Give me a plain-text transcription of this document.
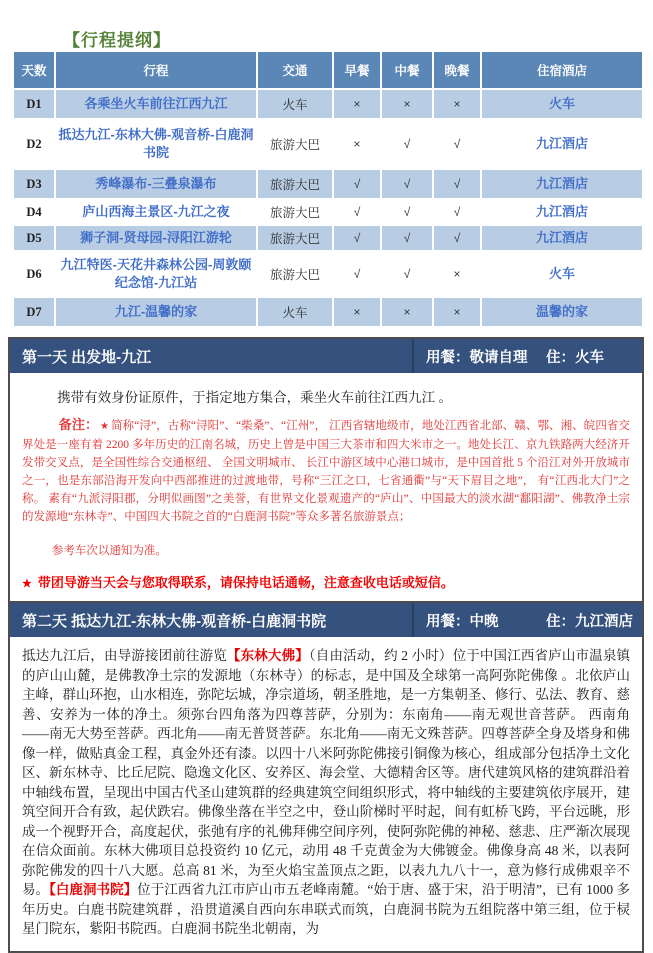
【行程提纲】
天数	行程	交通	早餐	中餐	晚餐	住宿酒店
D1	各乘坐火车前往江西九江	火车	×	×	×	火车
D2	抵达九江-东林大佛-观音桥-白鹿洞书院	旅游大巴	×	√	√	九江酒店
D3	秀峰瀑布-三叠泉瀑布	旅游大巴	√	√	√	九江酒店
D4	庐山西海主景区-九江之夜	旅游大巴	√	√	√	九江酒店
D5	狮子洞-贤母园-浔阳江游轮	旅游大巴	√	√	√	九江酒店
D6	九江特医-天花井森林公园-周敦颐纪念馆-九江站	旅游大巴	√	√	×	火车
D7	九江-温馨的家	火车	×	×	×	温馨的家
第一天 出发地-九江	用餐：敬请自理 住：火车

携带有效身份证原件，于指定地方集合，乘坐火车前往江西九江 。

备注： ★ 简称“浔”，古称“浔阳”、“柴桑”、“江州”， 江西省辖地级市，地处江西省北部、赣、鄂、湘、皖四省交界处是一座有着 2200 多年历史的江南名城，历史上曾是中国三大茶市和四大米市之一。地处长江、京九铁路两大经济开发带交叉点，是全国性综合交通枢纽、 全国文明城市、 长江中游区域中心港口城市，是中国首批 5 个沿江对外开放城市之一，也是东部沿海开发向中西部推进的过渡地带，号称“三江之口，七省通衢”与“天下眉目之地”， 有“江西北大门”之称。 素有“九派浔阳郡，分明似画图”之美誉，有世界文化景观遗产的“庐山”、中国最大的淡水湖“鄱阳湖”、佛教净土宗的发源地“东林寺”、中国四大书院之首的“白鹿洞书院”等众多著名旅游景点；

参考车次以通知为准。

★ 带团导游当天会与您取得联系，请保持电话通畅，注意查收电话或短信。

第二天 抵达九江-东林大佛-观音桥-白鹿洞书院	用餐：中晚	住：九江酒店

抵达九江后，由导游接团前往游览【东林大佛】（自由活动，约 2 小时）位于中国江西省庐山市温泉镇的庐山山麓，是佛教净土宗的发源地（东林寺）的标志，是中国及全球第一高阿弥陀佛像 。北依庐山主峰，群山环抱，山水相连，弥陀坛城，净宗道场，朝圣胜地，是一方集朝圣、修行、弘法、教育、慈善、安养为一体的净土。须弥台四角落为四尊菩萨，分别为：东南角——南无观世音菩萨。 西南角——南无大势至菩萨。西北角——南无普贤菩萨。东北角——南无文殊菩萨。四尊菩萨全身及塔身和佛像一样，做贴真金工程，真金外还有漆。以四十八米阿弥陀佛接引铜像为核心，组成部分包括净土文化区、新东林寺、比丘尼院、隐逸文化区、安养区、海会堂、大德精舍区等。唐代建筑风格的建筑群沿着中轴线布置，呈现出中国古代圣山建筑群的经典建筑空间组织形式，将中轴线的主要建筑依序展开，建筑空间开合有致，起伏跌宕。佛像坐落在半空之中，登山阶梯时平时起，间有虹桥飞跨，平台远眺，形成一个视野开合，高度起伏，张弛有序的礼佛拜佛空间序列，使阿弥陀佛的神秘、慈悲、庄严渐次展现在信众面前。东林大佛项目总投资约 10 亿元，动用 48 千克黄金为大佛镀金。佛像身高 48 米，以表阿弥陀佛发的四十八大愿。总高 81 米，为至火焰宝盖顶点之距，以表九九八十一，意为修行成佛艰辛不易。【白鹿洞书院】位于江西省九江市庐山市五老峰南麓。“始于唐、盛于宋，沿于明清”，已有 1000 多年历史。白鹿书院建筑群 ，沿贯道溪自西向东串联式而筑，白鹿洞书院为五组院落中第三组，位于棂星门院东，紫阳书院西。白鹿洞书院坐北朝南，为
